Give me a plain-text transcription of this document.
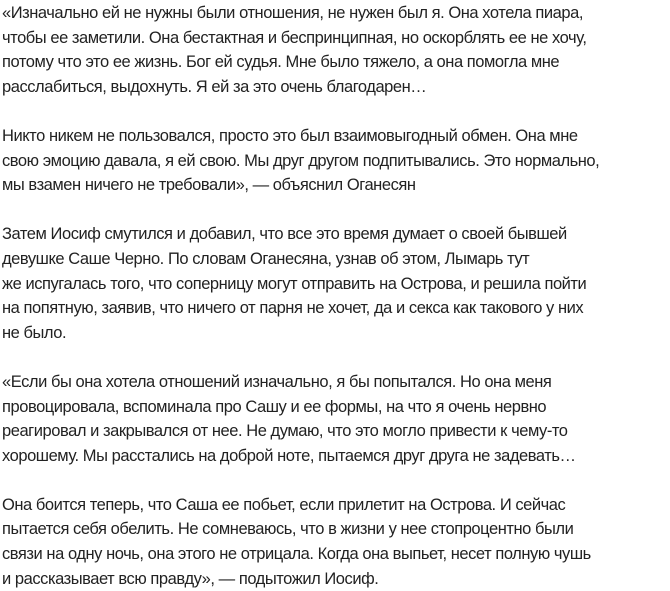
«Изначально ей не нужны были отношения, не нужен был я. Она хотела пиара,
чтобы ее заметили. Она бестактная и беспринципная, но оскорблять ее не хочу,
потому что это ее жизнь. Бог ей судья. Мне было тяжело, а она помогла мне
расслабиться, выдохнуть. Я ей за это очень благодарен…

Никто никем не пользовался, просто это был взаимовыгодный обмен. Она мне
свою эмоцию давала, я ей свою. Мы друг другом подпитывались. Это нормально,
мы взамен ничего не требовали», — объяснил Оганесян

Затем Иосиф смутился и добавил, что все это время думает о своей бывшей
девушке Саше Черно. По словам Оганесяна, узнав об этом, Лымарь тут
же испугалась того, что соперницу могут отправить на Острова, и решила пойти
на попятную, заявив, что ничего от парня не хочет, да и секса как такового у них
не было.

«Если бы она хотела отношений изначально, я бы попытался. Но она меня
провоцировала, вспоминала про Сашу и ее формы, на что я очень нервно
реагировал и закрывался от нее. Не думаю, что это могло привести к чему-то
хорошему. Мы расстались на доброй ноте, пытаемся друг друга не задевать…

Она боится теперь, что Саша ее побьет, если прилетит на Острова. И сейчас
пытается себя обелить. Не сомневаюсь, что в жизни у нее стопроцентно были
связи на одну ночь, она этого не отрицала. Когда она выпьет, несет полную чушь
и рассказывает всю правду», — подытожил Иосиф.
